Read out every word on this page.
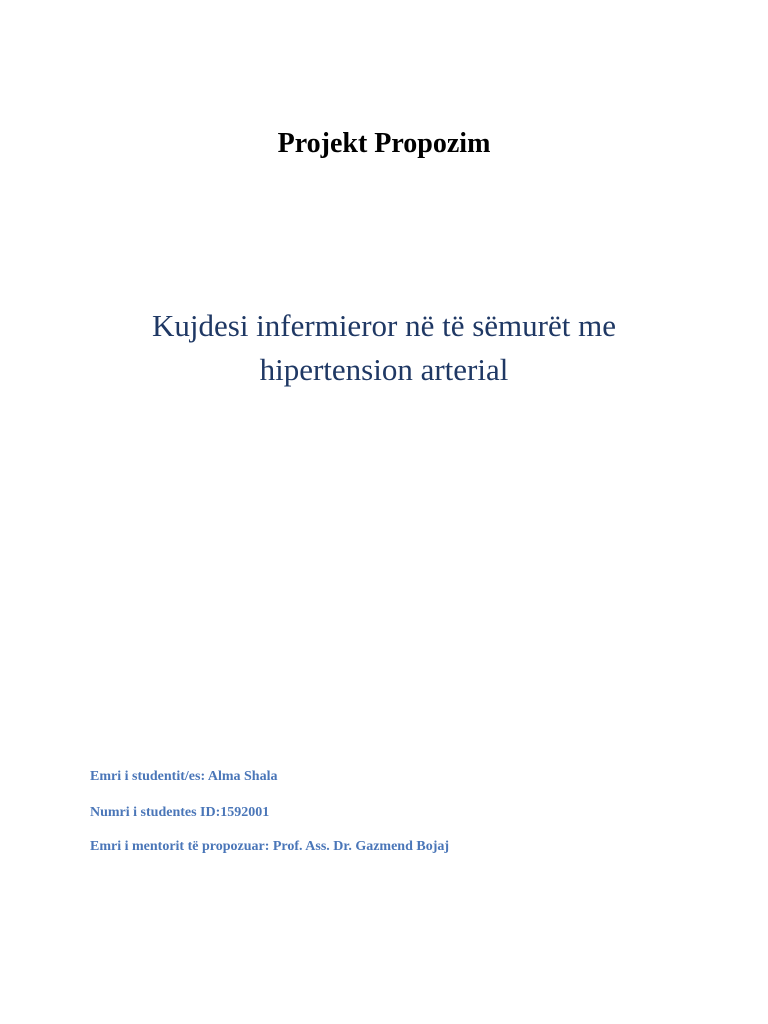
Projekt Propozim
Kujdesi infermieror në të sëmurët me
hipertension arterial
Emri i studentit/es: Alma Shala
Numri i studentes ID:1592001
Emri i mentorit të propozuar: Prof. Ass. Dr. Gazmend Bojaj
